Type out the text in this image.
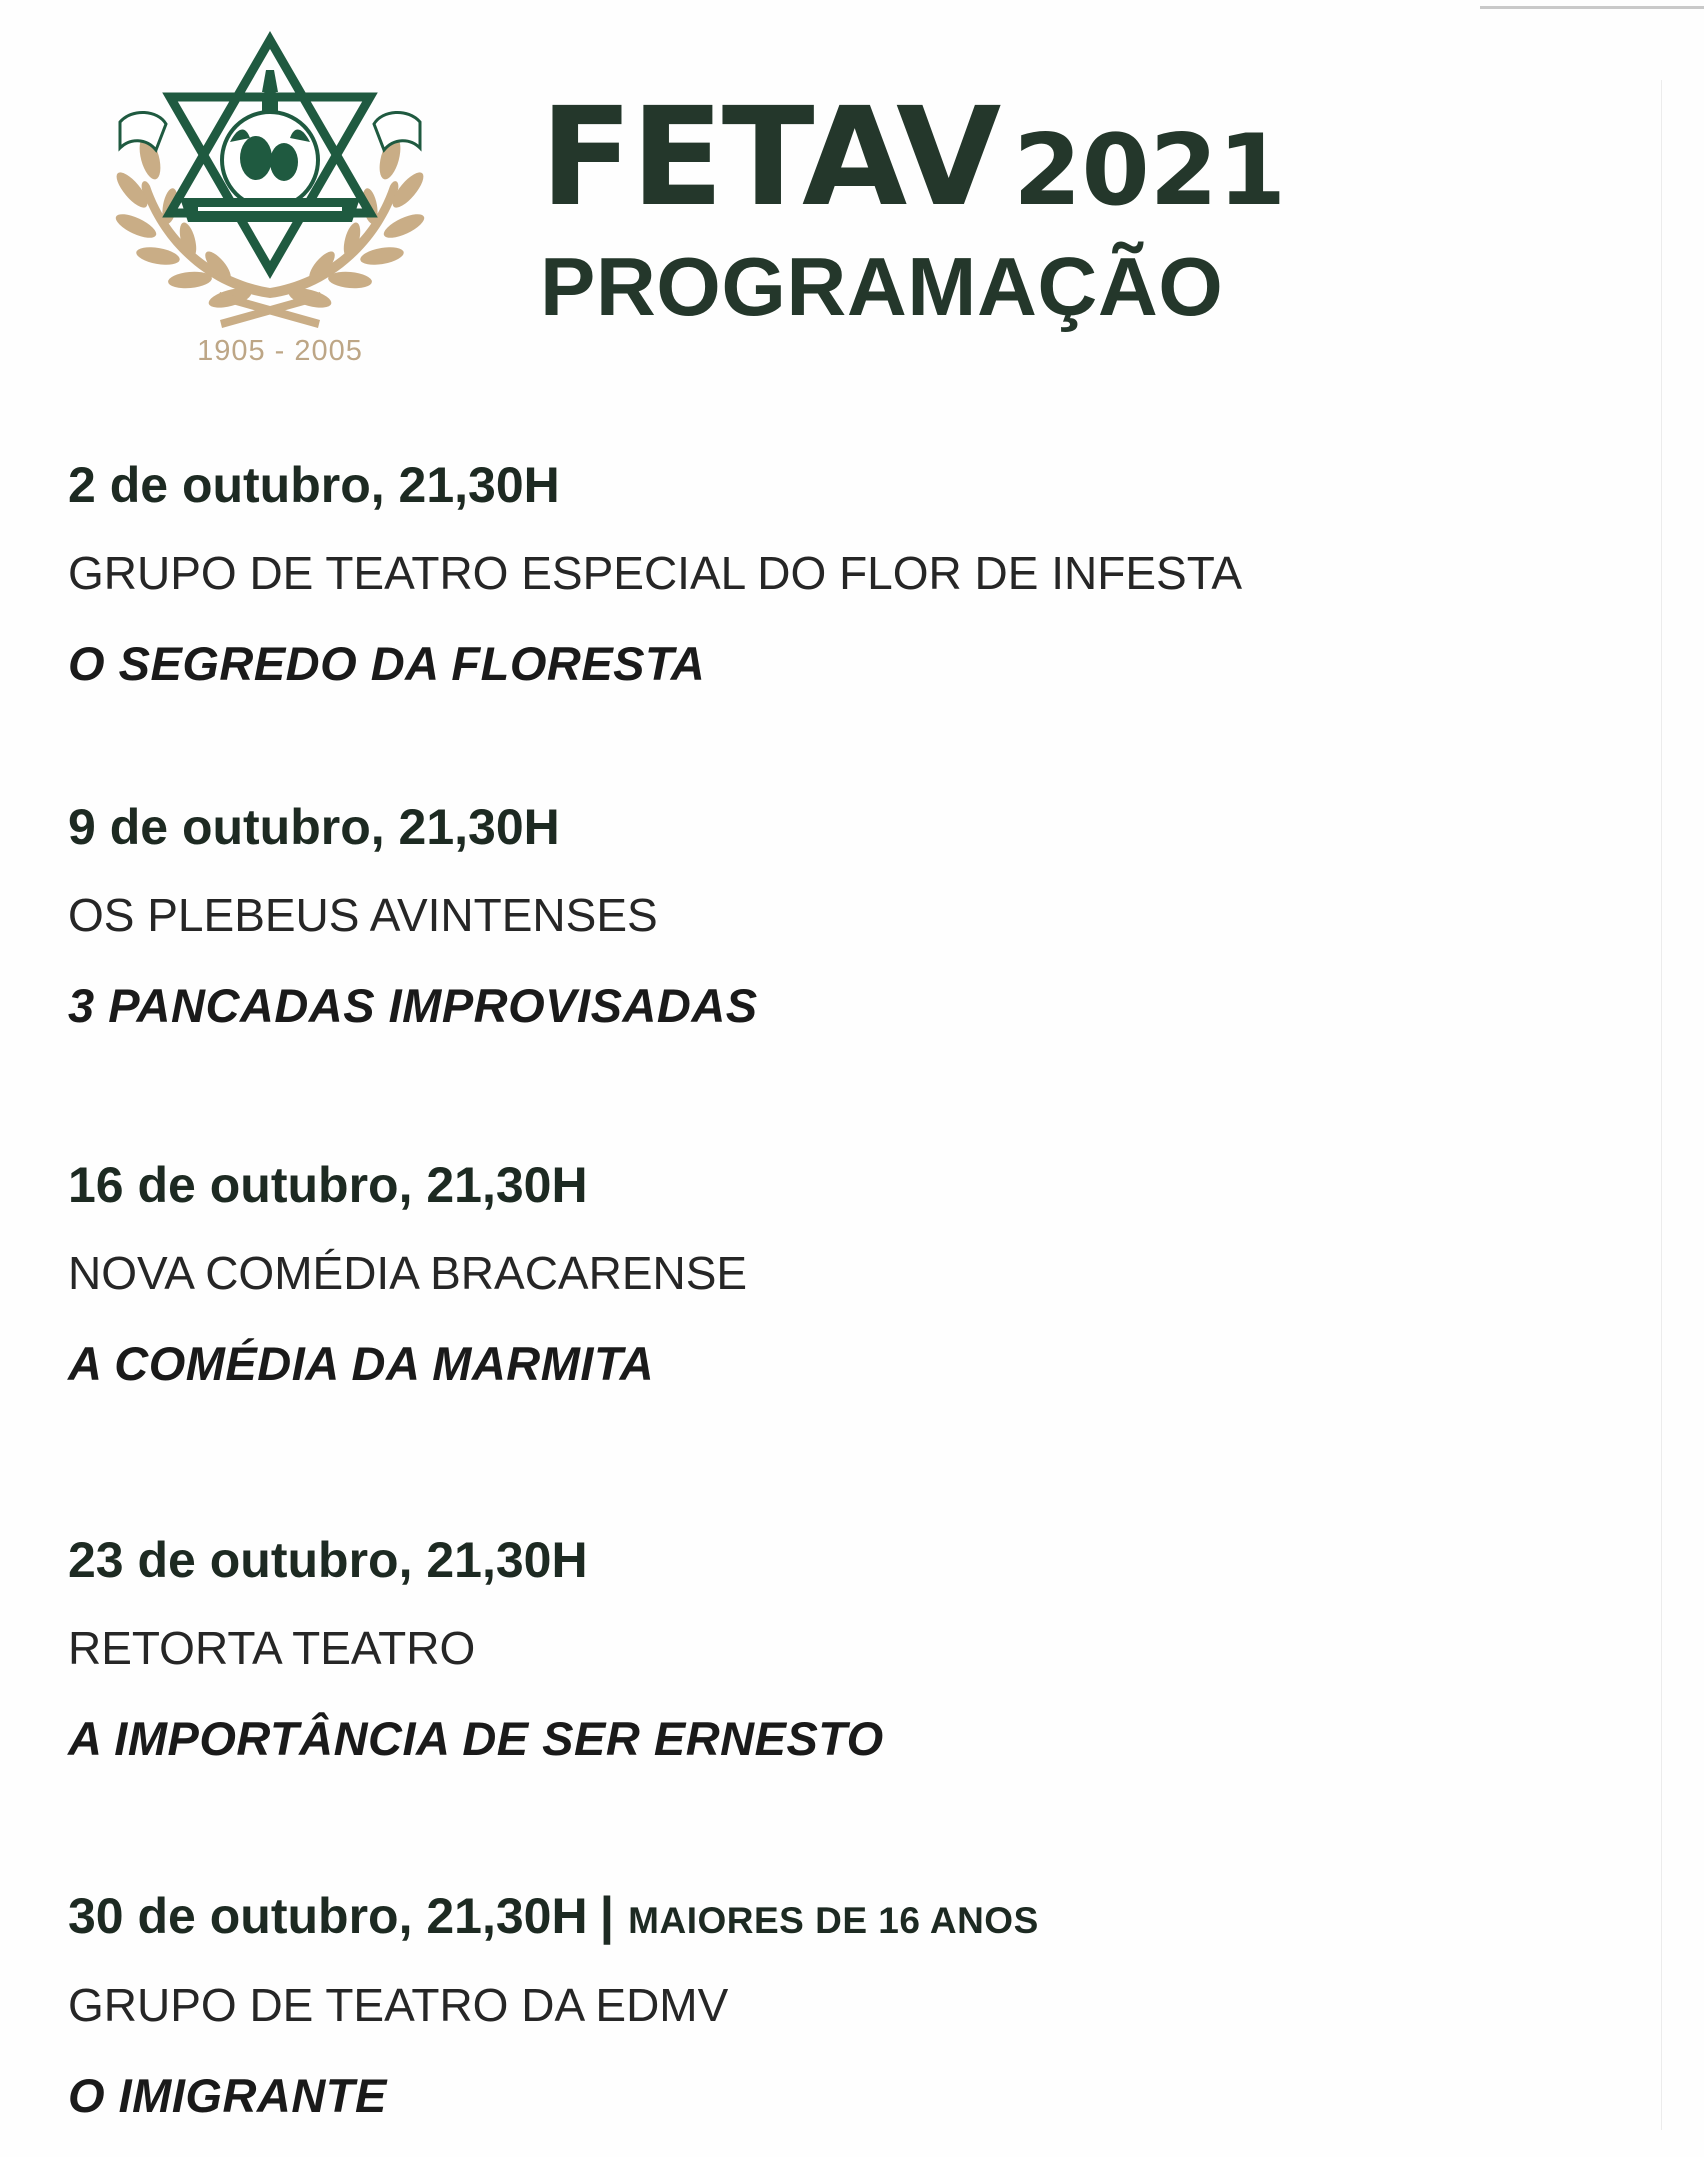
1905 - 2005
FETAV 2021
PROGRAMAÇÃO
2 de outubro, 21,30H
GRUPO DE TEATRO ESPECIAL DO FLOR DE INFESTA
O SEGREDO DA FLORESTA
9 de outubro, 21,30H
OS PLEBEUS AVINTENSES
3 PANCADAS IMPROVISADAS
16 de outubro, 21,30H
NOVA COMÉDIA BRACARENSE
A COMÉDIA DA MARMITA
23 de outubro, 21,30H
RETORTA TEATRO
A IMPORTÂNCIA DE SER ERNESTO
30 de outubro, 21,30H | MAIORES DE 16 ANOS
GRUPO DE TEATRO DA EDMV
O IMIGRANTE
